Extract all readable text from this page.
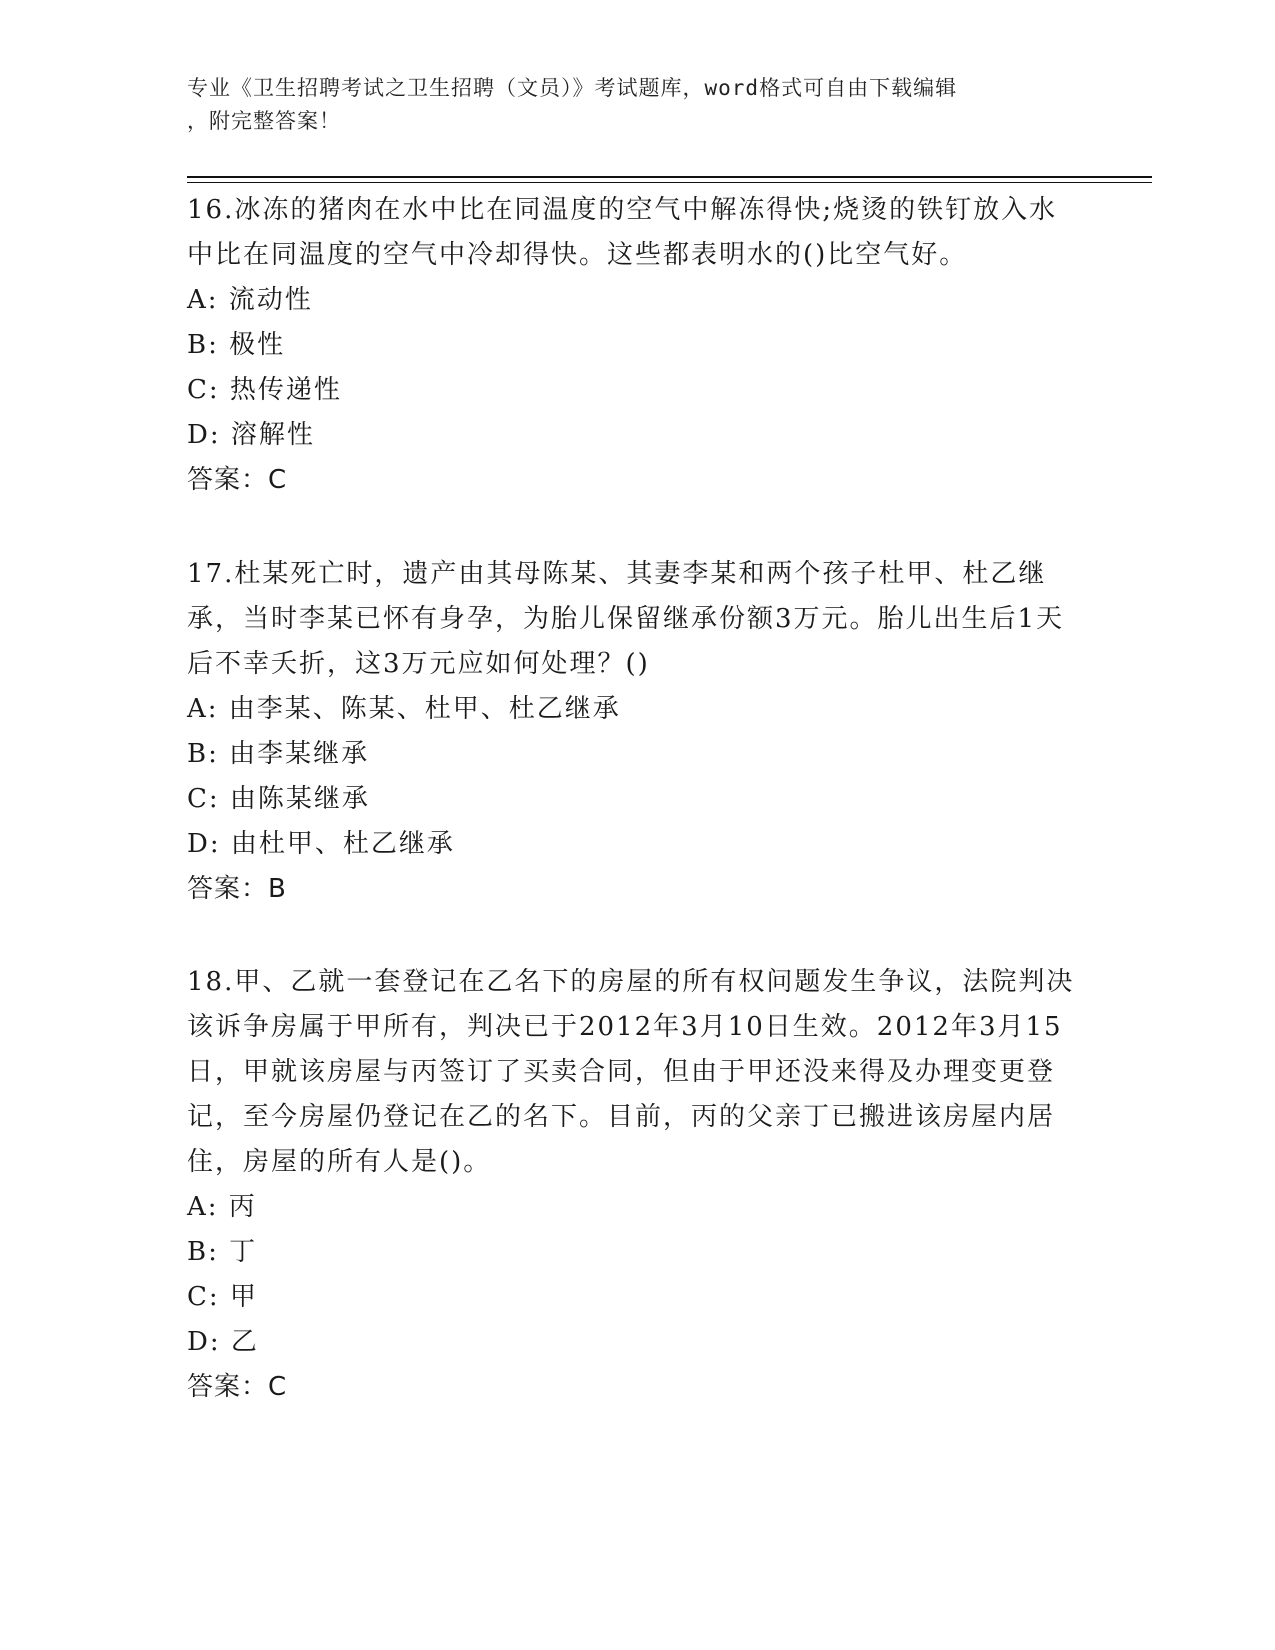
专业《卫生招聘考试之卫生招聘（文员）》考试题库，word格式可自由下载编辑
，附完整答案！
16.冰冻的猪肉在水中比在同温度的空气中解冻得快;烧烫的铁钉放入水中比在同温度的空气中冷却得快。这些都表明水的()比空气好。
A: 流动性
B: 极性
C: 热传递性
D: 溶解性
答案：C
17.杜某死亡时，遗产由其母陈某、其妻李某和两个孩子杜甲、杜乙继承，当时李某已怀有身孕，为胎儿保留继承份额3万元。胎儿出生后1天后不幸夭折，这3万元应如何处理？()
A: 由李某、陈某、杜甲、杜乙继承
B: 由李某继承
C: 由陈某继承
D: 由杜甲、杜乙继承
答案：B
18.甲、乙就一套登记在乙名下的房屋的所有权问题发生争议，法院判决该诉争房属于甲所有，判决已于2012年3月10日生效。2012年3月15日，甲就该房屋与丙签订了买卖合同，但由于甲还没来得及办理变更登记，至今房屋仍登记在乙的名下。目前，丙的父亲丁已搬进该房屋内居住，房屋的所有人是()。
A: 丙
B: 丁
C: 甲
D: 乙
答案：C
